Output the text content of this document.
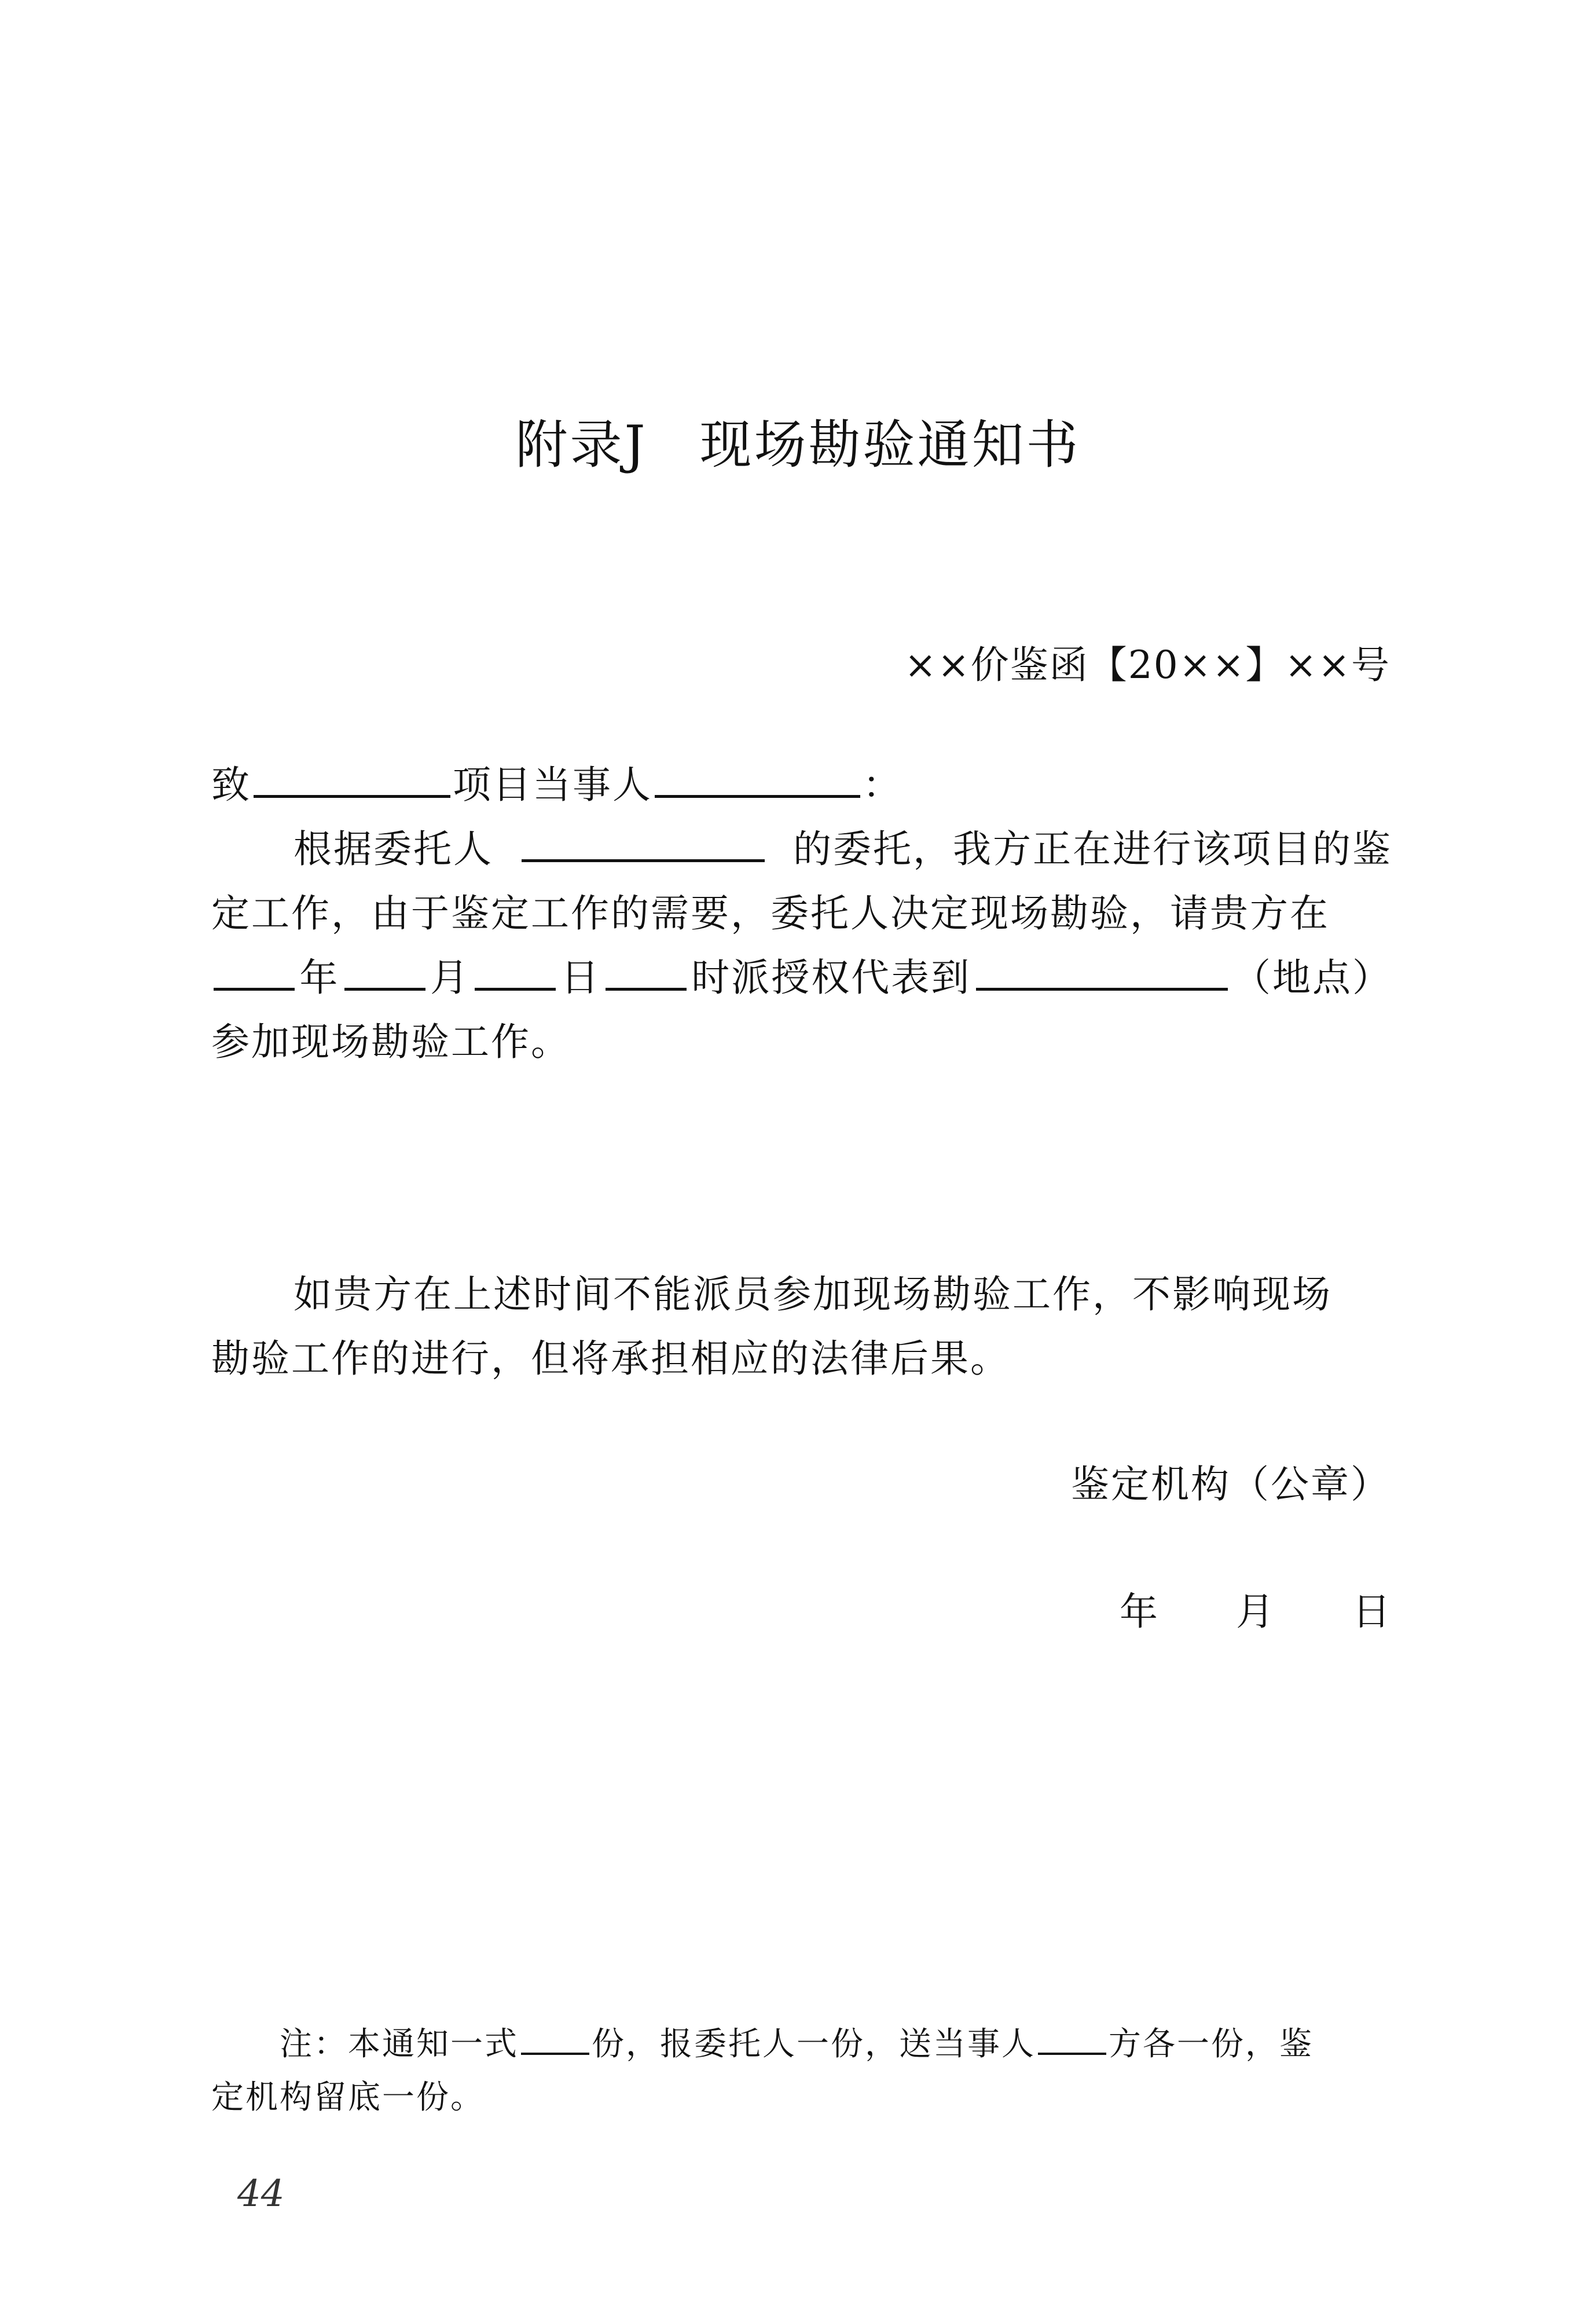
附录J 现场勘验通知书
××价鉴函【20××】××号
致	项目当事人	：
根据委托人	的委托，我方正在进行该项目的鉴
定工作，由于鉴定工作的需要，委托人决定现场勘验，请贵方在
年 月 日 时派授权代表到	（地点）
参加现场勘验工作。
如贵方在上述时间不能派员参加现场勘验工作，不影响现场
勘验工作的进行，但将承担相应的法律后果。
鉴定机构（公章）
年 月 日
注：本通知一式 份，报委托人一份，送当事人 方各一份，鉴
定机构留底一份。
44
